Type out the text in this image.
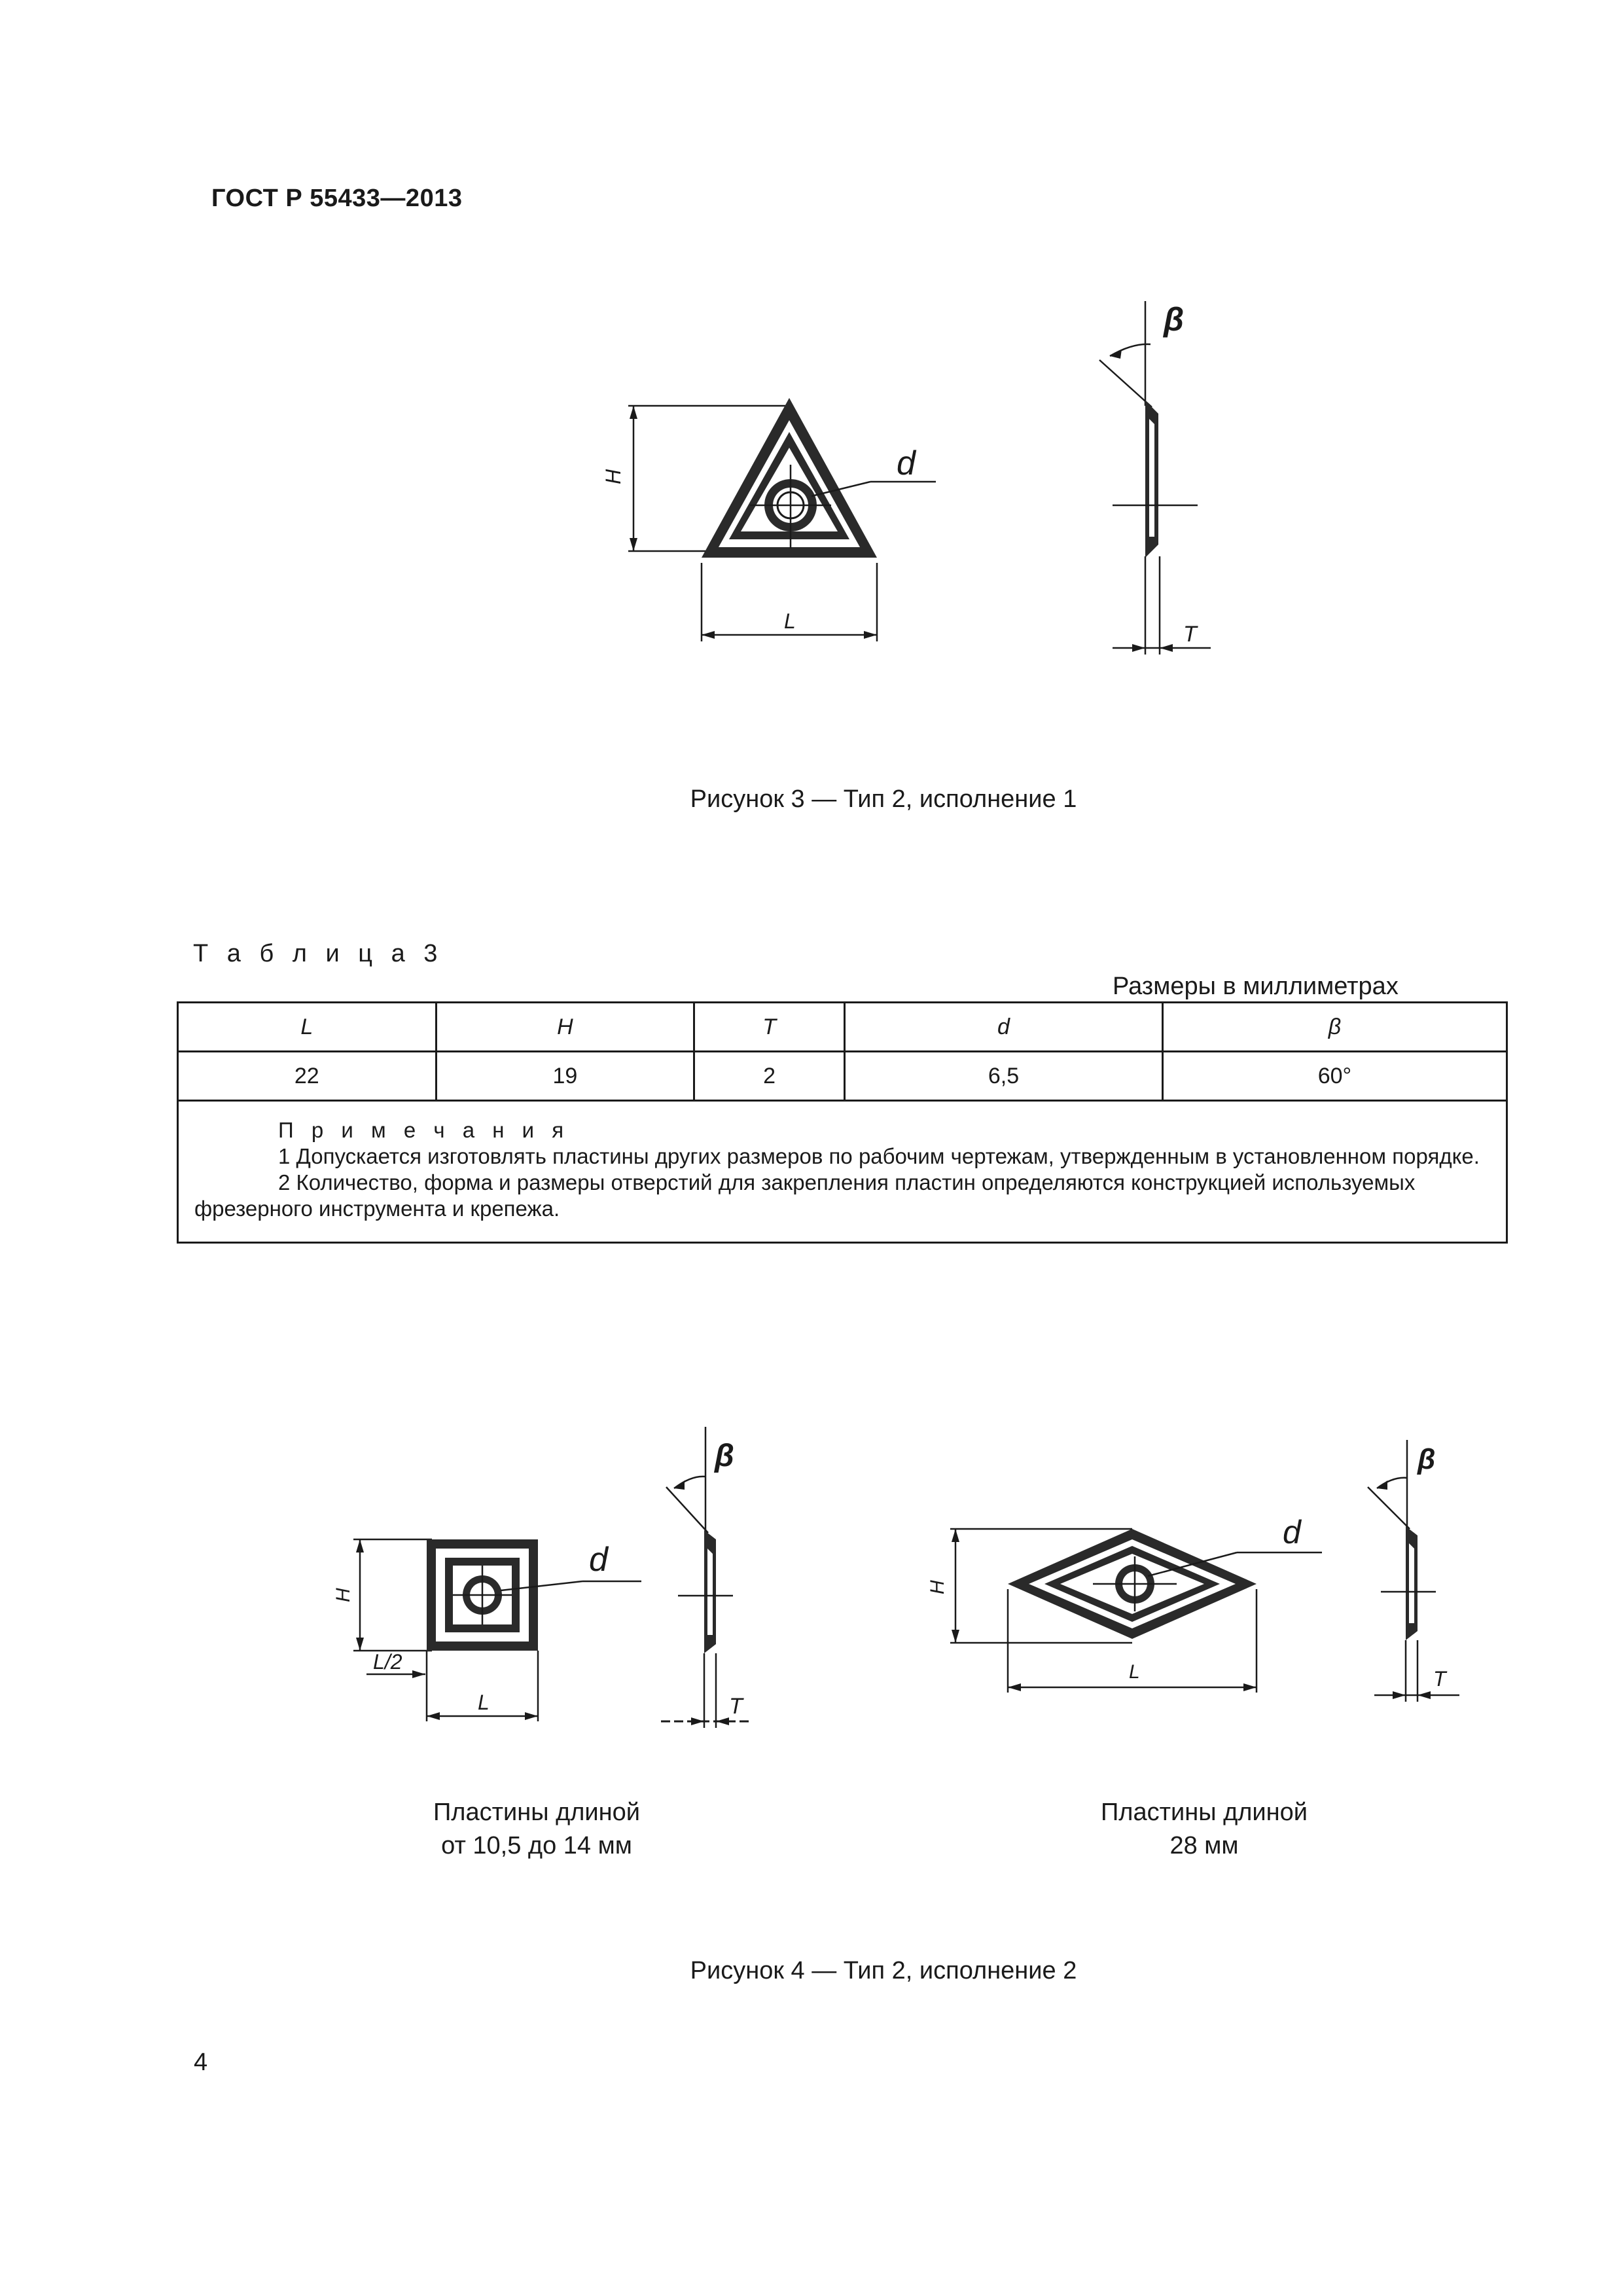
ГОСТ Р 55433—2013
H	d
L
β
T
Рисунок 3 — Тип 2, исполнение 1
Т а б л и ц а 3
Размеры в миллиметрах
L	H	T	d	β
22	19	2	6,5	60°

П р и м е ч а н и я
1 Допускается изготовлять пластины других размеров по рабочим чертежам, утвержденным в установленном порядке.
2 Количество, форма и размеры отверстий для закрепления пластин определяются конструкцией используемых фрезерного инструмента и крепежа.				
H
d
L/2
L
β
T
Пластины длиной
от 10,5 до 14 мм
H
d
L
β
T
Пластины длиной
28 мм
Рисунок 4 — Тип 2, исполнение 2
4
